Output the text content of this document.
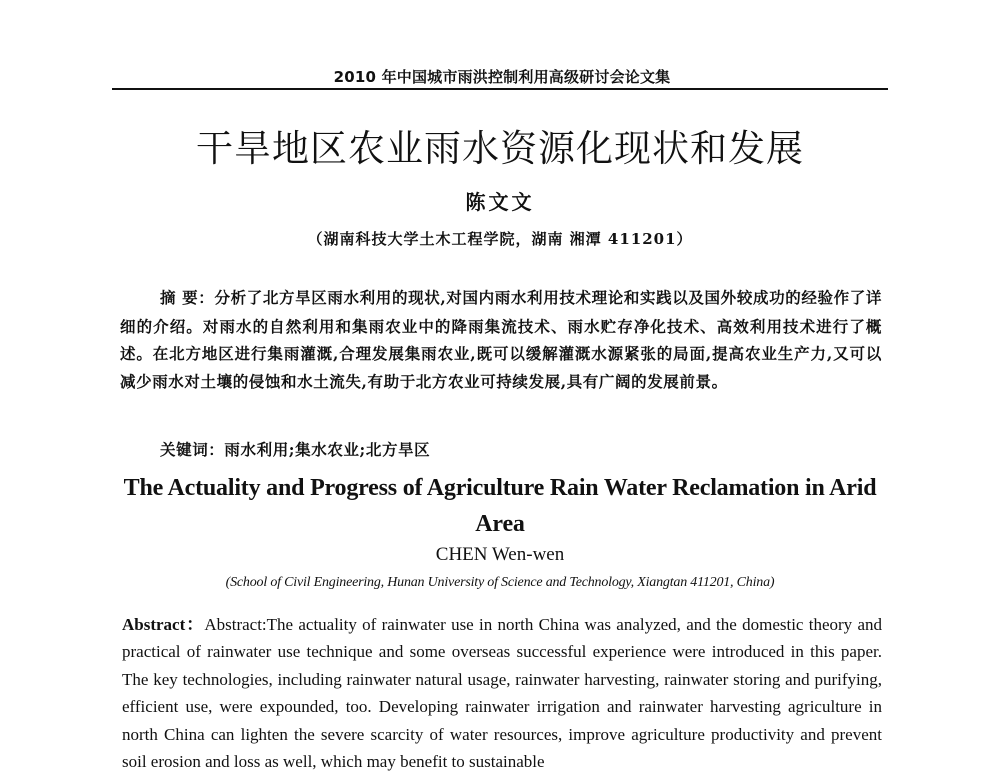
2010 年中国城市雨洪控制利用高级研讨会论文集
干旱地区农业雨水资源化现状和发展
陈文文
（湖南科技大学土木工程学院，湖南 湘潭 411201）

摘 要：分析了北方旱区雨水利用的现状,对国内雨水利用技术理论和实践以及国外较成功的经验作了详细的介绍。对雨水的自然利用和集雨农业中的降雨集流技术、雨水贮存净化技术、高效利用技术进行了概述。在北方地区进行集雨灌溉,合理发展集雨农业,既可以缓解灌溉水源紧张的局面,提高农业生产力,又可以减少雨水对土壤的侵蚀和水土流失,有助于北方农业可持续发展,具有广阔的发展前景。

关键词：雨水利用;集水农业;北方旱区
The Actuality and Progress of Agriculture Rain Water Reclamation in Arid Area
CHEN Wen-wen
(School of Civil Engineering, Hunan University of Science and Technology, Xiangtan 411201, China)

Abstract：Abstract:The actuality of rainwater use in north China was analyzed, and the domestic theory and practical of rainwater use technique and some overseas successful experience were introduced in this paper. The key technologies, including rainwater natural usage, rainwater harvesting, rainwater storing and purifying, efficient use, were expounded, too. Developing rainwater irrigation and rainwater harvesting agriculture in north China can lighten the severe scarcity of water resources, improve agriculture productivity and prevent soil erosion and loss as well, which may benefit to sustainable
